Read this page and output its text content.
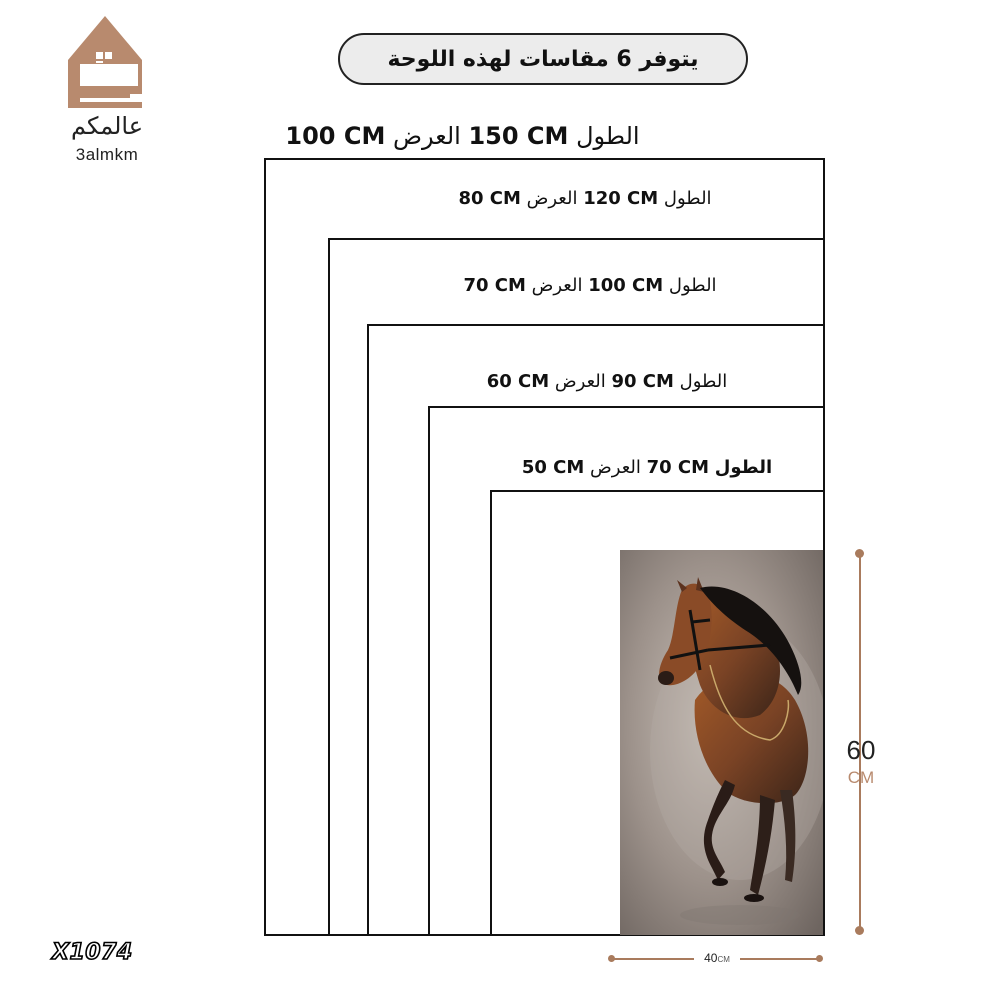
عالمكم
3almkm
يتوفر 6 مقاسات لهذه اللوحة
الطول 150 CM العرض 100 CM
الطول 120 CM العرض 80 CM
الطول 100 CM العرض 70 CM
الطول 90 CM العرض 60 CM
الطول 70 CM العرض 50 CM
60
CM
40CM
X1074
